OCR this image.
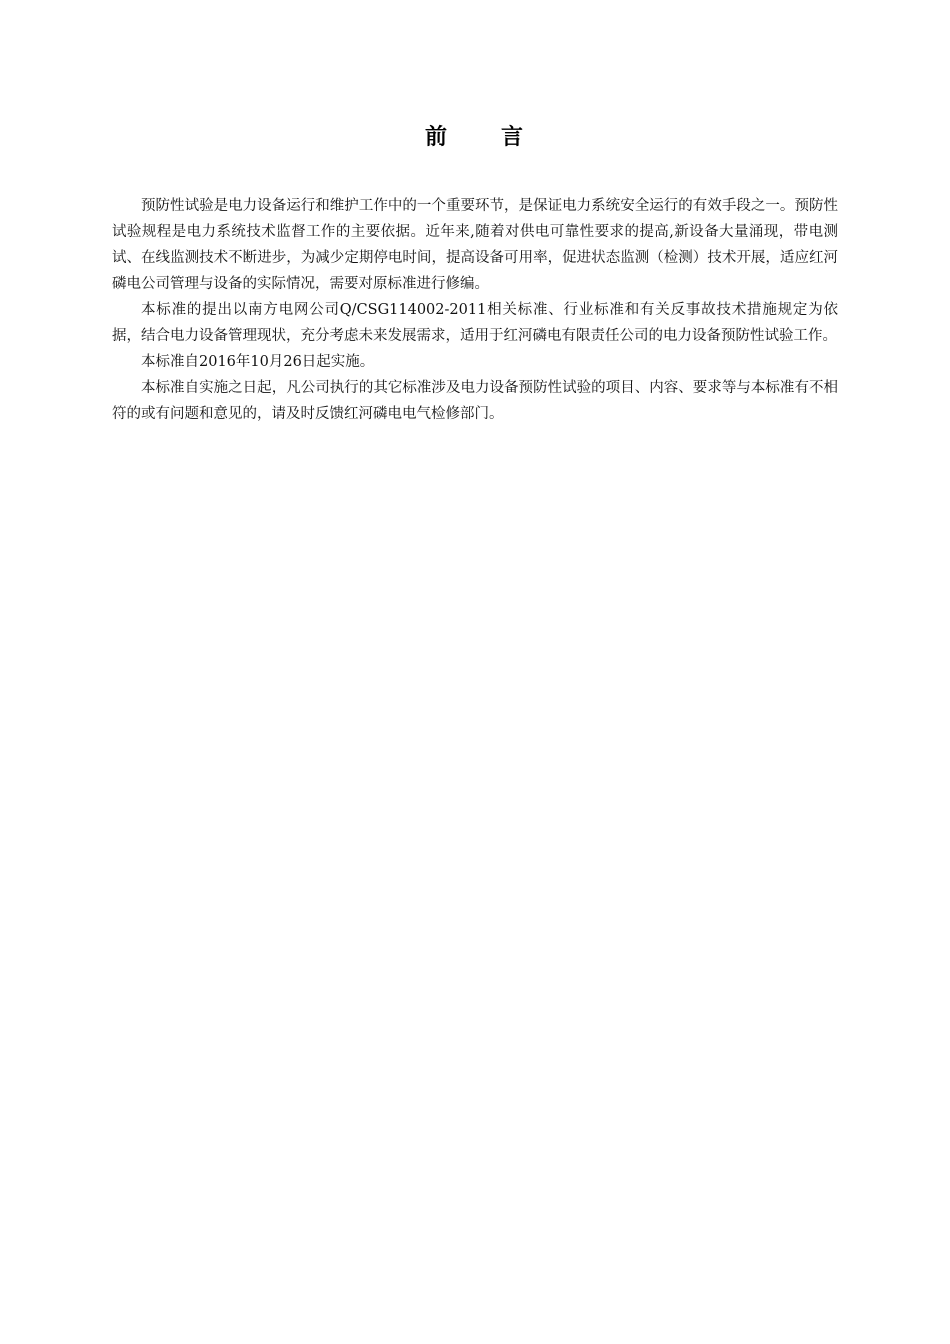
前 言

预防性试验是电力设备运行和维护工作中的一个重要环节，是保证电力系统安全运行的有效手段之一。预防性试验规程是电力系统技术监督工作的主要依据。近年来,随着对供电可靠性要求的提高,新设备大量涌现，带电测试、在线监测技术不断进步，为减少定期停电时间，提高设备可用率，促进状态监测（检测）技术开展，适应红河磷电公司管理与设备的实际情况，需要对原标准进行修编。

本标准的提出以南方电网公司Q/CSG114002-2011相关标准、行业标准和有关反事故技术措施规定为依据，结合电力设备管理现状，充分考虑未来发展需求，适用于红河磷电有限责任公司的电力设备预防性试验工作。

本标准自2016年10月26日起实施。

本标准自实施之日起，凡公司执行的其它标准涉及电力设备预防性试验的项目、内容、要求等与本标准有不相符的或有问题和意见的，请及时反馈红河磷电电气检修部门。
